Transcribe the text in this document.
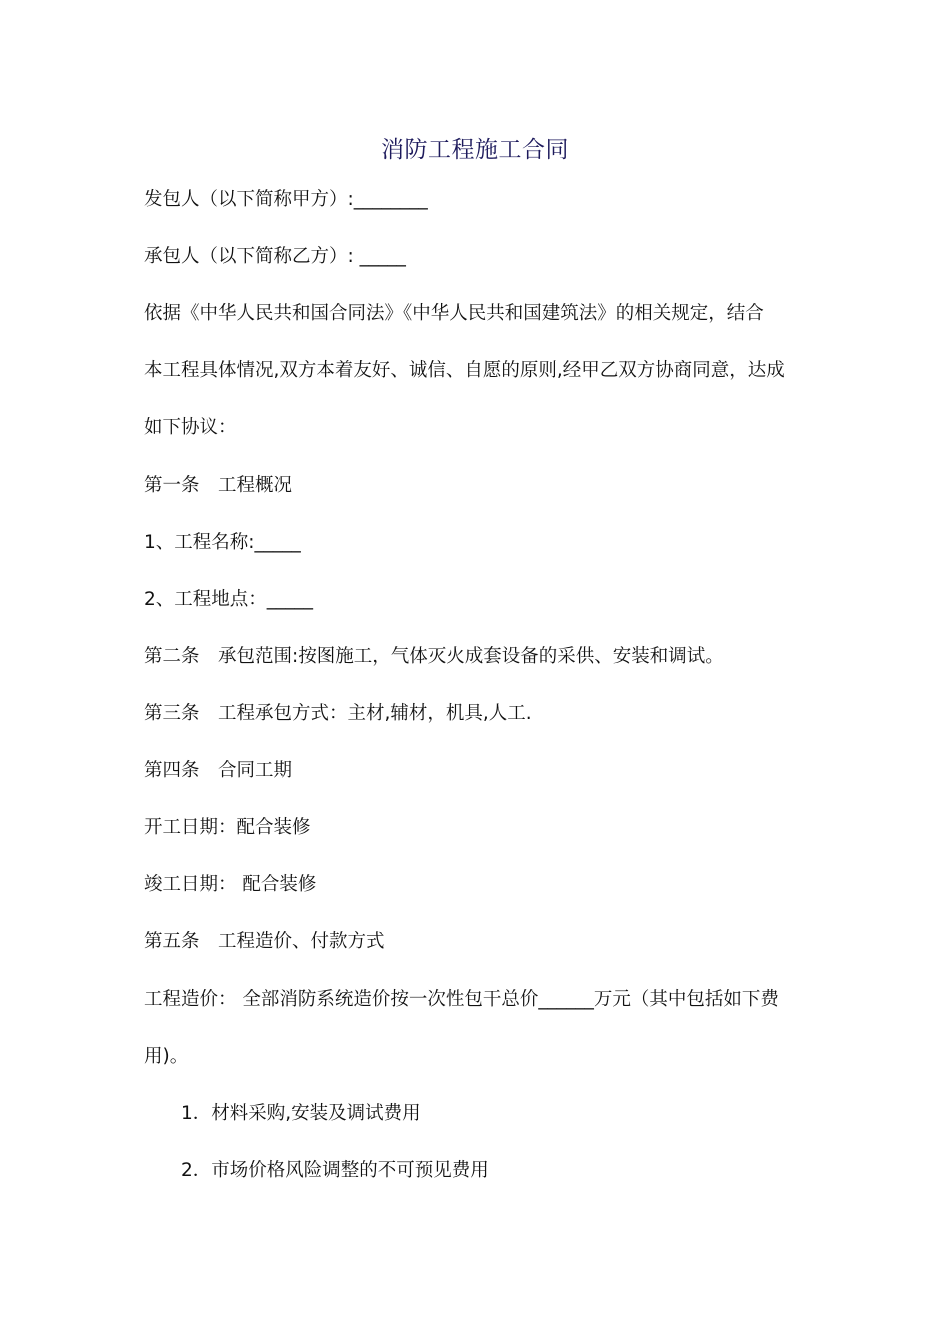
消防工程施工合同
发包人（以下简称甲方）:________
承包人（以下简称乙方）: _____
依据《中华人民共和国合同法》《中华人民共和国建筑法》的相关规定，结合
本工程具体情况,双方本着友好、诚信、自愿的原则,经甲乙双方协商同意，达成
如下协议：
第一条　工程概况
1、工程名称:_____
2、工程地点：_____
第二条　承包范围:按图施工，气体灭火成套设备的采供、安装和调试。
第三条　工程承包方式：主材,辅材，机具,人工.
第四条　合同工期
开工日期：配合装修
竣工日期： 配合装修
第五条　工程造价、付款方式
工程造价： 全部消防系统造价按一次性包干总价______万元（其中包括如下费
用)。
1．材料采购,安装及调试费用
2．市场价格风险调整的不可预见费用
